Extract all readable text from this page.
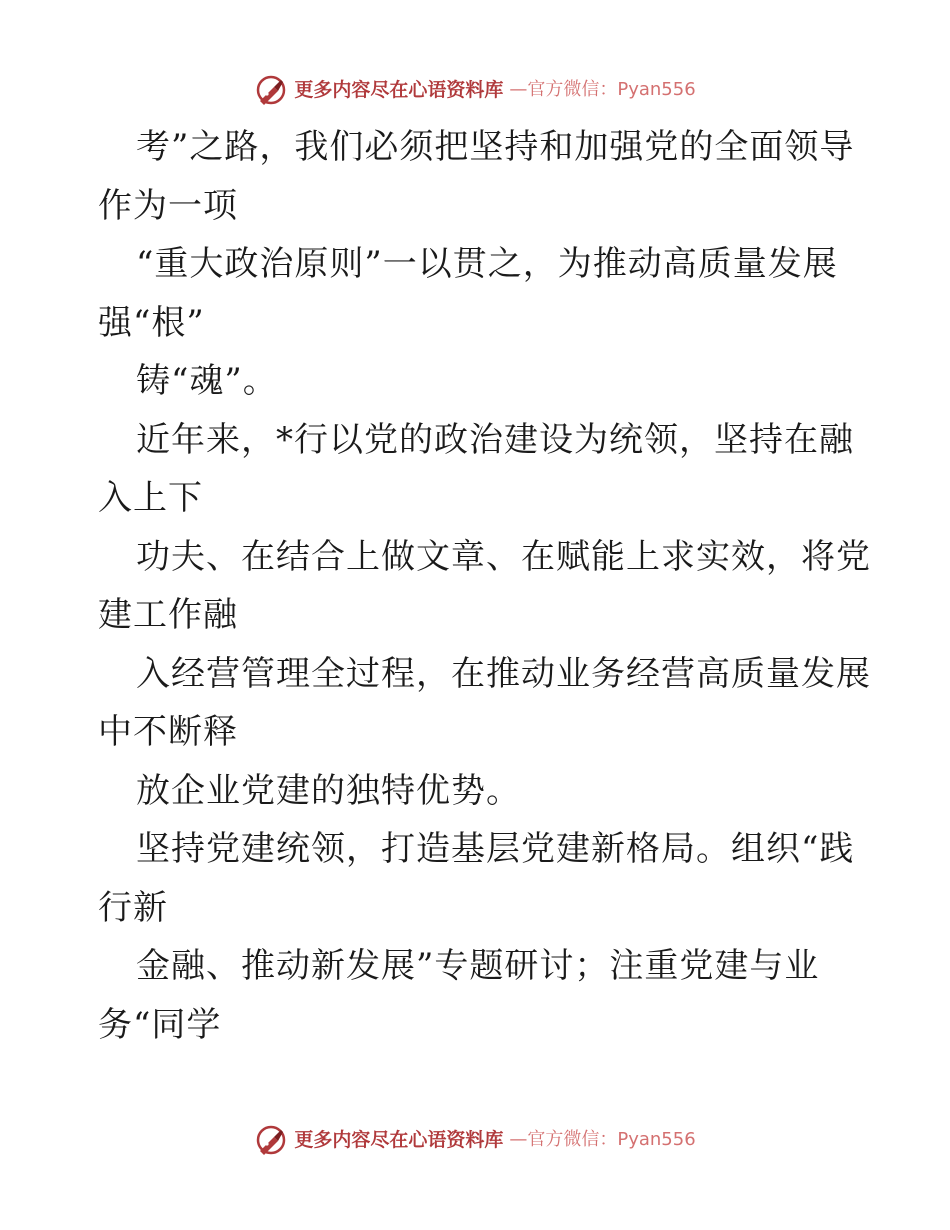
更多内容尽在心语资料库 —官方微信：Pyan556
考”之路，我们必须把坚持和加强党的全面领导
作为一项
“重大政治原则”一以贯之，为推动高质量发展
强“根”
铸“魂”。
近年来，*行以党的政治建设为统领，坚持在融
入上下
功夫、在结合上做文章、在赋能上求实效，将党
建工作融
入经营管理全过程，在推动业务经营高质量发展
中不断释
放企业党建的独特优势。
坚持党建统领，打造基层党建新格局。组织“践
行新
金融、推动新发展”专题研讨；注重党建与业
务“同学
更多内容尽在心语资料库 —官方微信：Pyan556
